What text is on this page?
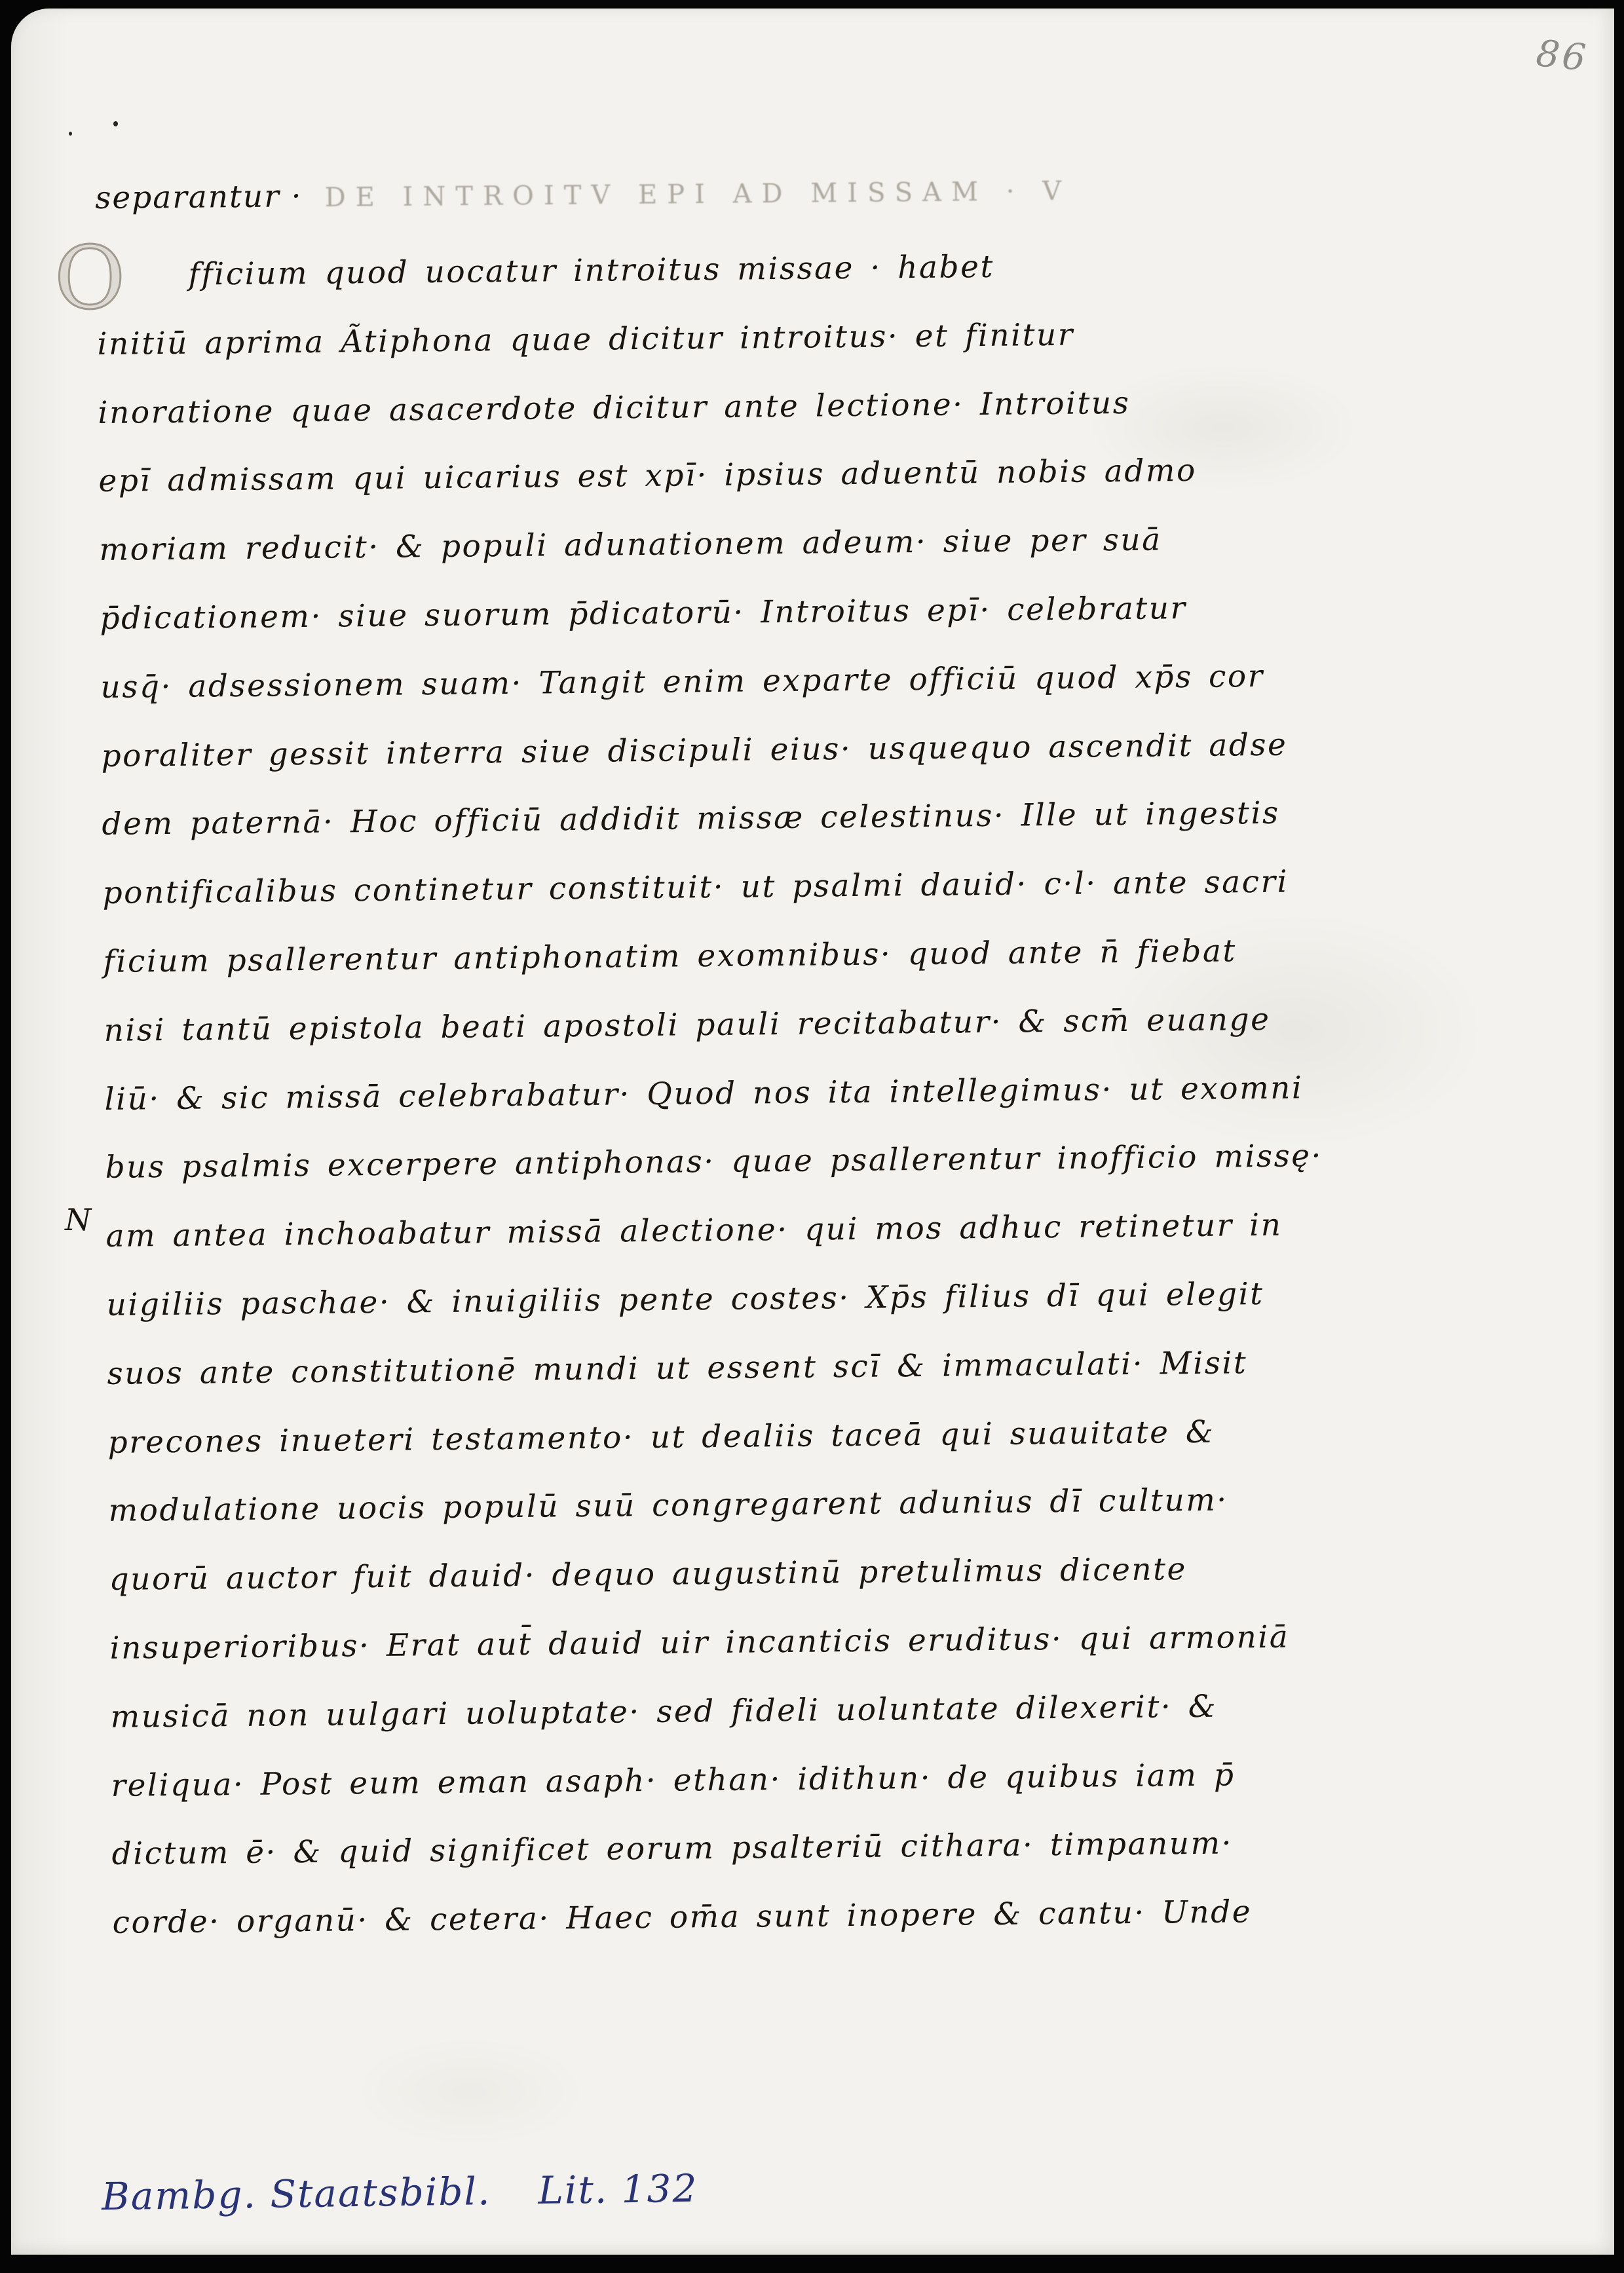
86
separantur · DE INTROITV EPI AD MISSAM · V
O
N
fficium quod uocatur introitus missae · habet
initiū aprima Ãtiphona quae dicitur introitus· et finitur
inoratione quae asacerdote dicitur ante lectione· Introitus
epī admissam qui uicarius est xpī· ipsius aduentū nobis admo
moriam reducit· & populi adunationem adeum· siue per suā
p̄dicationem· siue suorum p̄dicatorū· Introitus epī· celebratur
usq̄· adsessionem suam· Tangit enim exparte officiū quod xp̄s cor
poraliter gessit interra siue discipuli eius· usquequo ascendit adse
dem paternā· Hoc officiū addidit missæ celestinus· Ille ut ingestis
pontificalibus continetur constituit· ut psalmi dauid· c·l· ante sacri
ficium psallerentur antiphonatim exomnibus· quod ante n̄ fiebat
nisi tantū epistola beati apostoli pauli recitabatur· & scm̄ euange
liū· & sic missā celebrabatur· Quod nos ita intellegimus· ut exomni
bus psalmis excerpere antiphonas· quae psallerentur inofficio missę·
am antea inchoabatur missā alectione· qui mos adhuc retinetur in
uigiliis paschae· & inuigiliis pente costes· Xp̄s filius dī qui elegit
suos ante constitutionē mundi ut essent scī & immaculati· Misit
precones inueteri testamento· ut dealiis taceā qui suauitate &
modulatione uocis populū suū congregarent adunius dī cultum·
quorū auctor fuit dauid· dequo augustinū pretulimus dicente
insuperioribus· Erat aut̄ dauid uir incanticis eruditus· qui armoniā
musicā non uulgari uoluptate· sed fideli uoluntate dilexerit· &
reliqua· Post eum eman asaph· ethan· idithun· de quibus iam p̄
dictum ē· & quid significet eorum psalteriū cithara· timpanum·
corde· organū· & cetera· Haec om̄a sunt inopere & cantu· Unde
Bambg. Staatsbibl. Lit. 132
